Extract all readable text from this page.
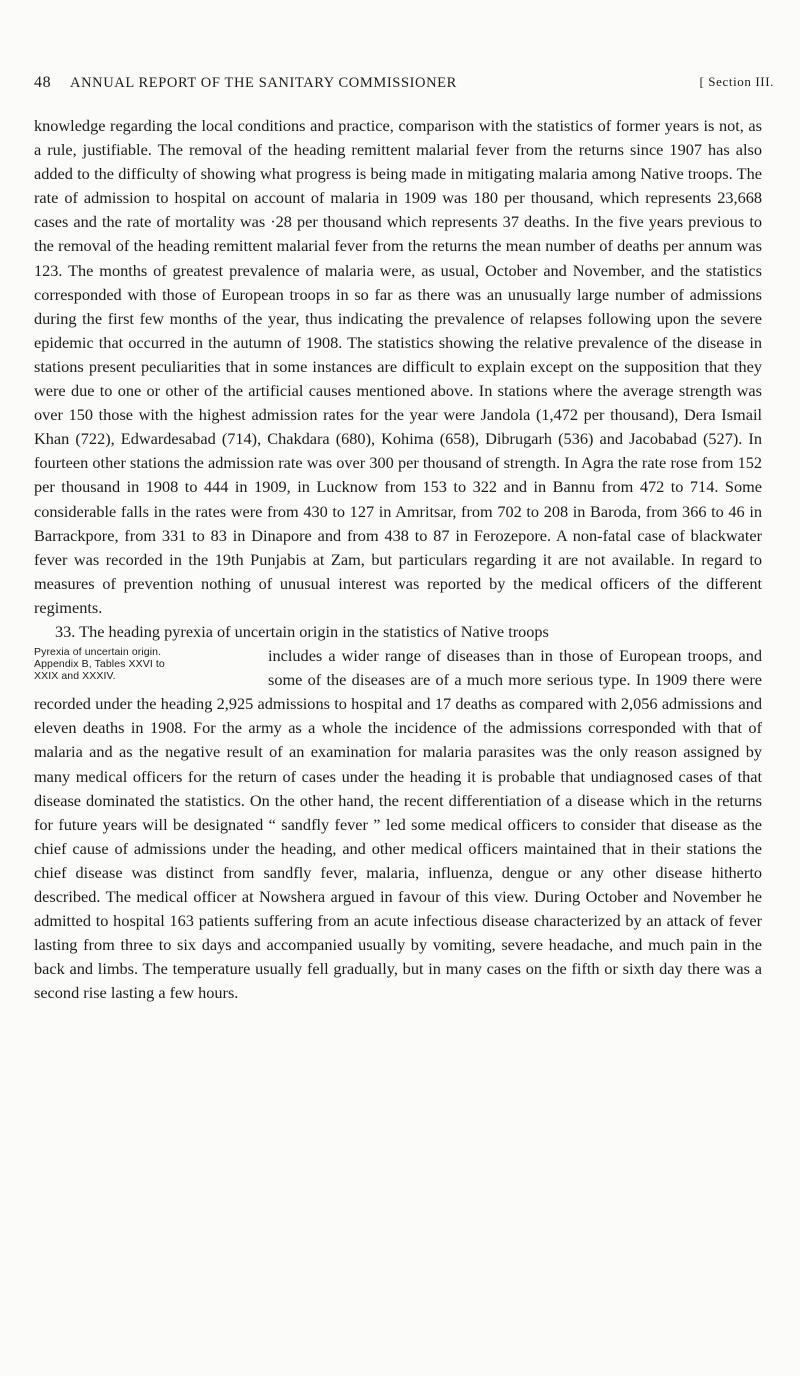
48 ANNUAL REPORT OF THE SANITARY COMMISSIONER	[ Section III.

knowledge regarding the local conditions and practice, comparison with the statistics of former years is not, as a rule, justifiable. The removal of the heading remittent malarial fever from the returns since 1907 has also added to the difficulty of showing what progress is being made in mitigating malaria among Native troops. The rate of admission to hospital on account of malaria in 1909 was 180 per thousand, which represents 23,668 cases and the rate of mortality was ·28 per thousand which represents 37 deaths. In the five years previous to the removal of the heading remittent malarial fever from the returns the mean number of deaths per annum was 123. The months of greatest prevalence of malaria were, as usual, October and November, and the statistics corresponded with those of European troops in so far as there was an unusually large number of admissions during the first few months of the year, thus indicating the prevalence of relapses following upon the severe epidemic that occurred in the autumn of 1908. The statistics showing the relative prevalence of the disease in stations present peculiarities that in some instances are difficult to explain except on the supposition that they were due to one or other of the artificial causes mentioned above. In stations where the average strength was over 150 those with the highest admission rates for the year were Jandola (1,472 per thousand), Dera Ismail Khan (722), Edwardesabad (714), Chakdara (680), Kohima (658), Dibrugarh (536) and Jacobabad (527). In fourteen other stations the admission rate was over 300 per thousand of strength. In Agra the rate rose from 152 per thousand in 1908 to 444 in 1909, in Lucknow from 153 to 322 and in Bannu from 472 to 714. Some considerable falls in the rates were from 430 to 127 in Amritsar, from 702 to 208 in Baroda, from 366 to 46 in Barrackpore, from 331 to 83 in Dinapore and from 438 to 87 in Ferozepore. A non-fatal case of blackwater fever was recorded in the 19th Punjabis at Zam, but particulars regarding it are not available. In regard to measures of prevention nothing of unusual interest was reported by the medical officers of the different regiments.

33. The heading pyrexia of uncertain origin in the statistics of Native troops

Pyrexia of uncertain origin.
Appendix B, Tables XXVI to
XXIX and XXXIV.
includes a wider range of diseases than in those of European troops, and some of the diseases are of a much more serious type. In 1909 there were recorded under the heading 2,925 admissions to hospital and 17 deaths as compared with 2,056 admissions and eleven deaths in 1908. For the army as a whole the incidence of the admissions corresponded with that of malaria and as the negative result of an examination for malaria parasites was the only reason assigned by many medical officers for the return of cases under the heading it is probable that undiagnosed cases of that disease dominated the statistics. On the other hand, the recent differentiation of a disease which in the returns for future years will be designated “ sandfly fever ” led some medical officers to consider that disease as the chief cause of admissions under the heading, and other medical officers maintained that in their stations the chief disease was distinct from sandfly fever, malaria, influenza, dengue or any other disease hitherto described. The medical officer at Nowshera argued in favour of this view. During October and November he admitted to hospital 163 patients suffering from an acute infectious disease characterized by an attack of fever lasting from three to six days and accompanied usually by vomiting, severe headache, and much pain in the back and limbs. The temperature usually fell gradually, but in many cases on the fifth or sixth day there was a second rise lasting a few hours.
